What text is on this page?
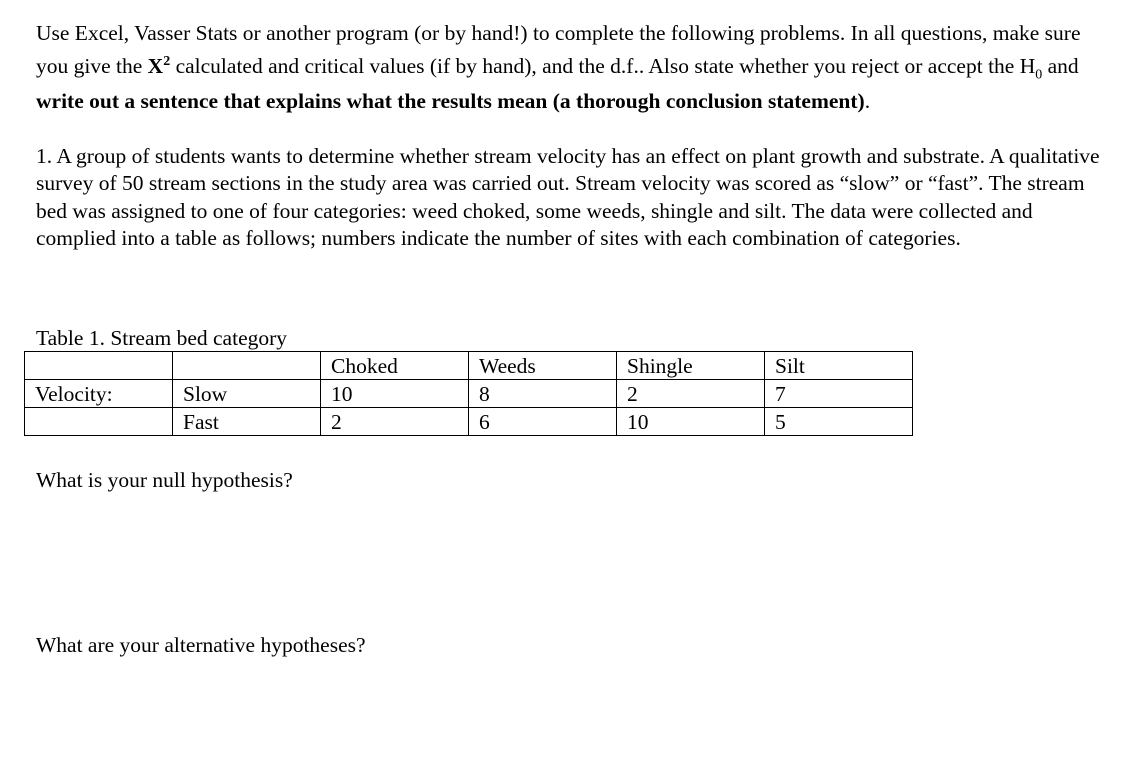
Use Excel, Vasser Stats or another program (or by hand!) to complete the following problems. In all questions, make sure you give the $X^2$ calculated and critical values (if by hand), and the d.f.. Also state whether you reject or accept the $H_0$ and write out a sentence that explains what the results mean (a thorough conclusion statement).

1. A group of students wants to determine whether stream velocity has an effect on plant growth and substrate. A qualitative survey of 50 stream sections in the study area was carried out. Stream velocity was scored as “slow” or “fast”. The stream bed was assigned to one of four categories: weed choked, some weeds, shingle and silt. The data were collected and complied into a table as follows; numbers indicate the number of sites with each combination of categories.

Table 1. Stream bed category

		Choked	Weeds	Shingle	Silt
Velocity:	Slow	10	8	2	7
	Fast	2	6	10	5

What is your null hypothesis?

What are your alternative hypotheses?
